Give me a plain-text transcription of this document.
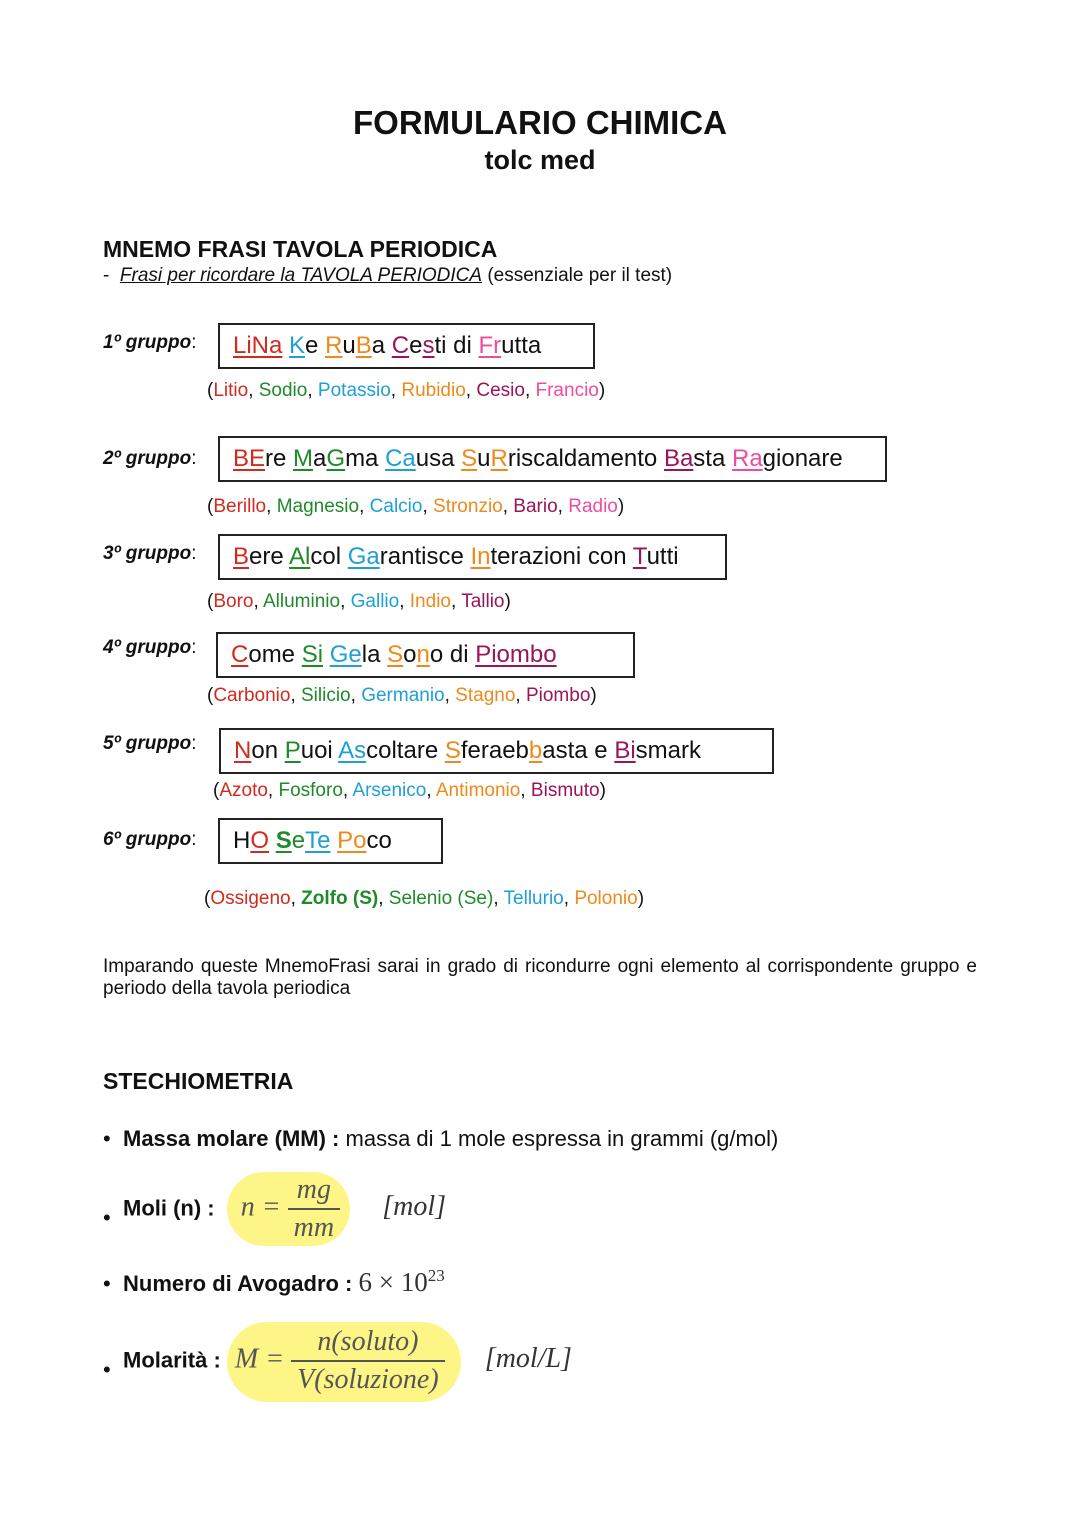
FORMULARIO CHIMICA
tolc med
MNEMO FRASI TAVOLA PERIODICA
- Frasi per ricordare la TAVOLA PERIODICA (essenziale per il test)
1º gruppo:	LiNa Ke RuBa Cesti di Frutta
(Litio, Sodio, Potassio, Rubidio, Cesio, Francio)
2º gruppo:	BEre MaGma Causa SuRriscaldamento Basta Ragionare
(Berillo, Magnesio, Calcio, Stronzio, Bario, Radio)
3º gruppo:	Bere Alcol Garantisce Interazioni con Tutti
(Boro, Alluminio, Gallio, Indio, Tallio)
4º gruppo:	Come Si Gela Sono di Piombo
(Carbonio, Silicio, Germanio, Stagno, Piombo)
5º gruppo:	Non Puoi Ascoltare Sferaebbasta e Bismark
(Azoto, Fosforo, Arsenico, Antimonio, Bismuto)
6º gruppo:	HO SeTe Poco
(Ossigeno, Zolfo (S), Selenio (Se), Tellurio, Polonio)
Imparando queste MnemoFrasi sarai in grado di ricondurre ogni elemento al corrispondente gruppo e periodo della tavola periodica
STECHIOMETRIA
• Massa molare (MM) : massa di 1 mole espressa in grammi (g/mol)
• Moli (n) : $n = \frac{mg}{mm} [mol]$
• Numero di Avogadro : $6 \times 10^{23}$
• Molarità : $M = \frac{\text{n(soluto)}}{\text{V(soluzione)}} [mol/L]$
